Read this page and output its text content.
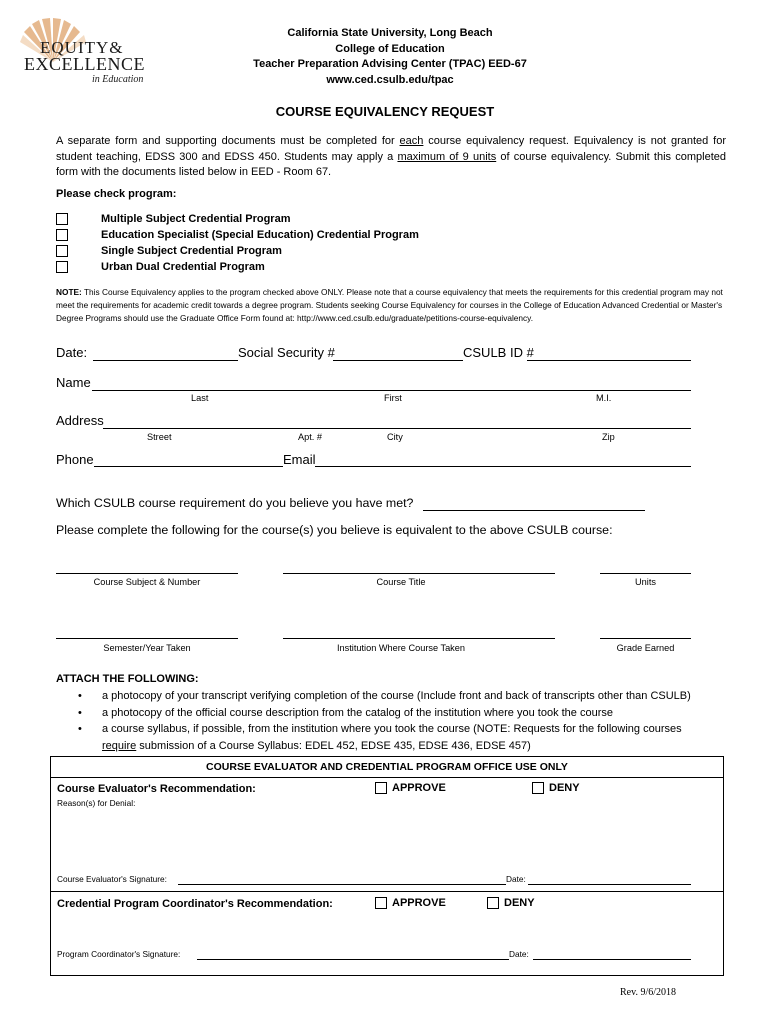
EQUITY&
EXCELLENCE
in Education
California State University, Long Beach
College of Education
Teacher Preparation Advising Center (TPAC) EED-67
www.ced.csulb.edu/tpac
COURSE EQUIVALENCY REQUEST
A separate form and supporting documents must be completed for each course equivalency request. Equivalency is not granted for student teaching, EDSS 300 and EDSS 450. Students may apply a maximum of 9 units of course equivalency. Submit this completed form with the documents listed below in EED - Room 67.
Please check program:
Multiple Subject Credential Program
Education Specialist (Special Education) Credential Program
Single Subject Credential Program
Urban Dual Credential Program
NOTE: This Course Equivalency applies to the program checked above ONLY. Please note that a course equivalency that meets the requirements for this credential program may not meet the requirements for academic credit towards a degree program. Students seeking Course Equivalency for courses in the College of Education Advanced Credential or Master's Degree Programs should use the Graduate Office Form found at: http://www.ced.csulb.edu/graduate/petitions-course-equivalency.
Date:	Social Security #	CSULB ID #
Name
Last	First	M.I.
Address
Street	Apt. #	City	Zip
Phone	Email
Which CSULB course requirement do you believe you have met?
Please complete the following for the course(s) you believe is equivalent to the above CSULB course:
Course Subject & Number	Course Title	Units
Semester/Year Taken	Institution Where Course Taken	Grade Earned
ATTACH THE FOLLOWING:
• a photocopy of your transcript verifying completion of the course (Include front and back of transcripts other than CSULB)
• a photocopy of the official course description from the catalog of the institution where you took the course
• a course syllabus, if possible, from the institution where you took the course (NOTE: Requests for the following courses
require submission of a Course Syllabus: EDEL 452, EDSE 435, EDSE 436, EDSE 457)
COURSE EVALUATOR AND CREDENTIAL PROGRAM OFFICE USE ONLY
Course Evaluator's Recommendation:	APPROVE	DENY
Reason(s) for Denial:
Course Evaluator's Signature:	Date:
Credential Program Coordinator's Recommendation:	APPROVE	DENY
Program Coordinator's Signature:	Date:
Rev. 9/6/2018
